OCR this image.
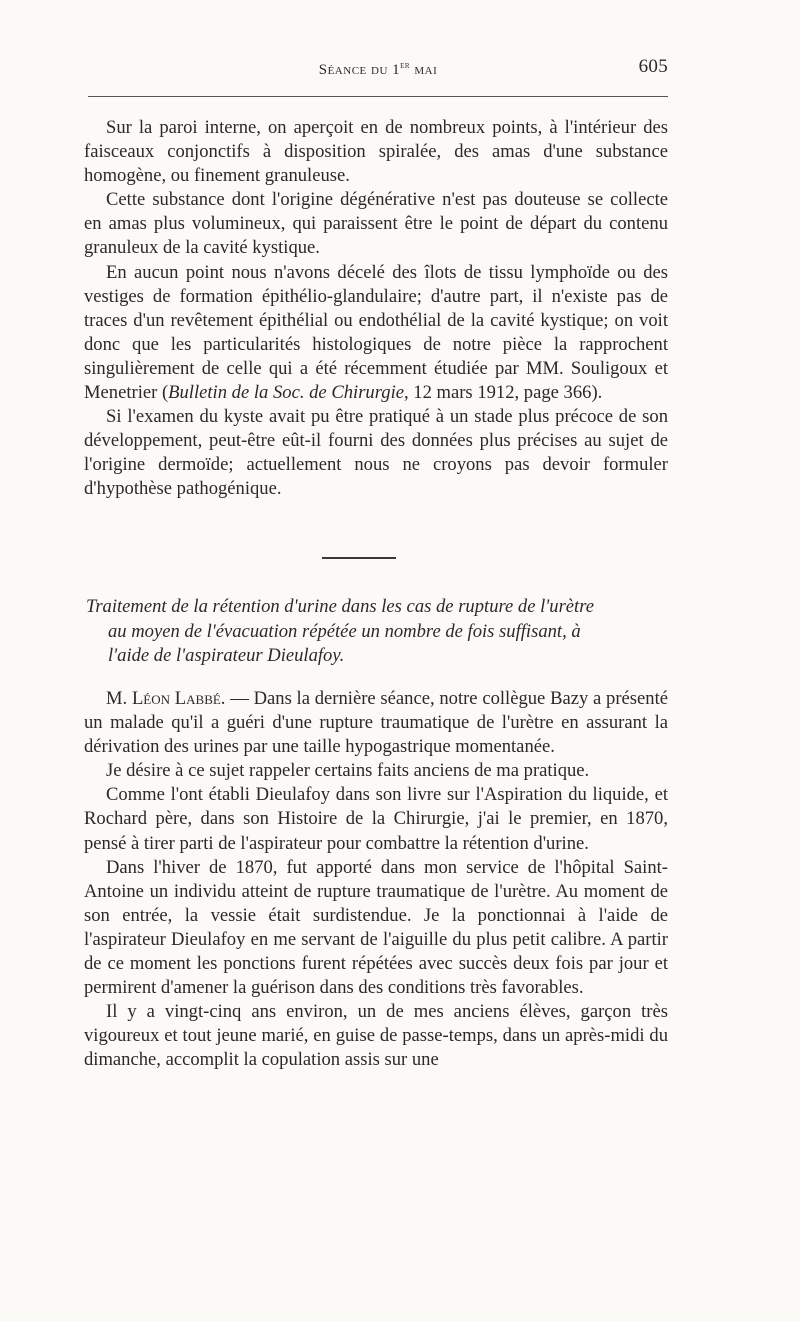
Séance du 1er mai	605

Sur la paroi interne, on aperçoit en de nombreux points, à l'intérieur des faisceaux conjonctifs à disposition spiralée, des amas d'une substance homogène, ou finement granuleuse.

Cette substance dont l'origine dégénérative n'est pas douteuse se collecte en amas plus volumineux, qui paraissent être le point de départ du contenu granuleux de la cavité kystique.

En aucun point nous n'avons décelé des îlots de tissu lymphoïde ou des vestiges de formation épithélio-glandulaire; d'autre part, il n'existe pas de traces d'un revêtement épithélial ou endothélial de la cavité kystique; on voit donc que les particularités histologiques de notre pièce la rapprochent singulièrement de celle qui a été récemment étudiée par MM. Souligoux et Menetrier (Bulletin de la Soc. de Chirurgie, 12 mars 1912, page 366).

Si l'examen du kyste avait pu être pratiqué à un stade plus précoce de son développement, peut-être eût-il fourni des données plus précises au sujet de l'origine dermoïde; actuellement nous ne croyons pas devoir formuler d'hypothèse pathogénique.

Traitement de la rétention d'urine dans les cas de rupture de l'urètre
au moyen de l'évacuation répétée un nombre de fois suffisant, à
l'aide de l'aspirateur Dieulafoy.

M. Léon Labbé. — Dans la dernière séance, notre collègue Bazy a présenté un malade qu'il a guéri d'une rupture traumatique de l'urètre en assurant la dérivation des urines par une taille hypogastrique momentanée.

Je désire à ce sujet rappeler certains faits anciens de ma pratique.

Comme l'ont établi Dieulafoy dans son livre sur l'Aspiration du liquide, et Rochard père, dans son Histoire de la Chirurgie, j'ai le premier, en 1870, pensé à tirer parti de l'aspirateur pour combattre la rétention d'urine.

Dans l'hiver de 1870, fut apporté dans mon service de l'hôpital Saint-Antoine un individu atteint de rupture traumatique de l'urètre. Au moment de son entrée, la vessie était surdistendue. Je la ponctionnai à l'aide de l'aspirateur Dieulafoy en me servant de l'aiguille du plus petit calibre. A partir de ce moment les ponctions furent répétées avec succès deux fois par jour et permirent d'amener la guérison dans des conditions très favorables.

Il y a vingt-cinq ans environ, un de mes anciens élèves, garçon très vigoureux et tout jeune marié, en guise de passe-temps, dans un après-midi du dimanche, accomplit la copulation assis sur une
